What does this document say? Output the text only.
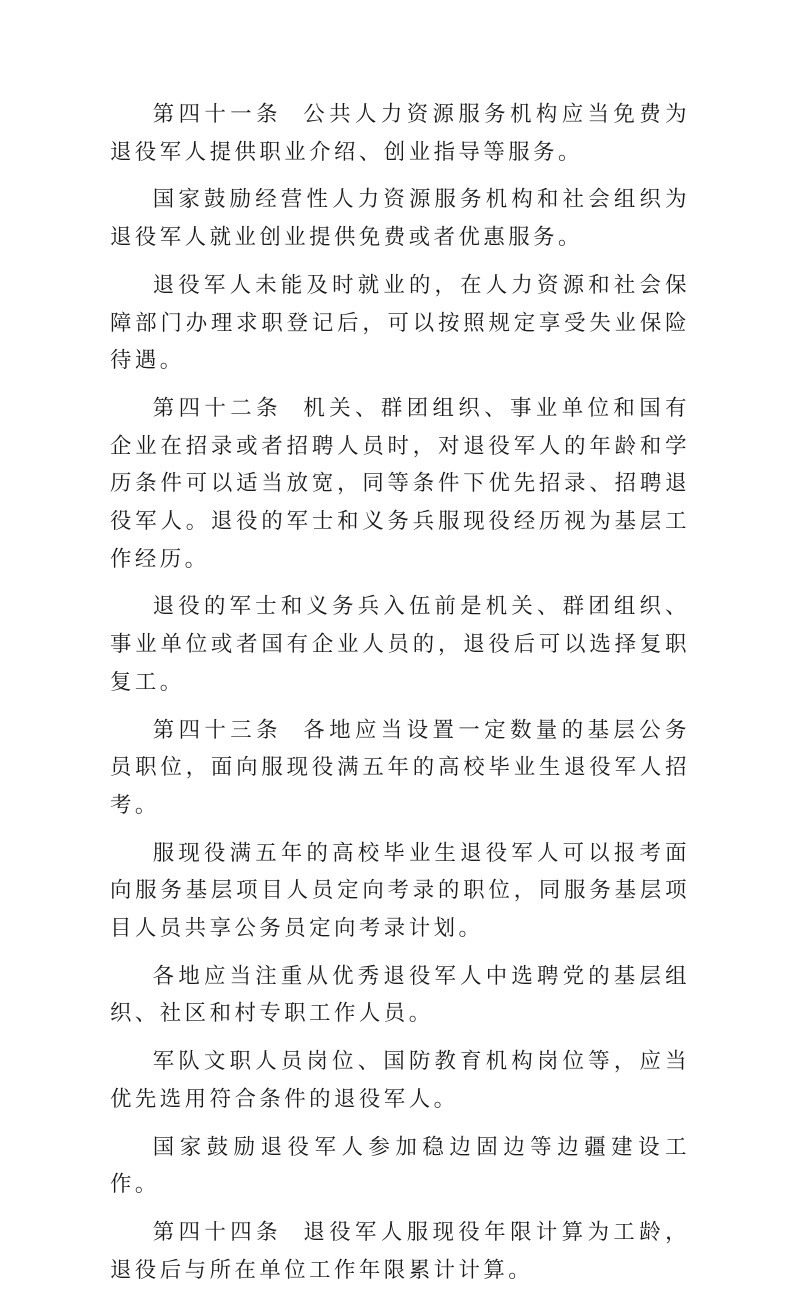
第四十一条 公共人力资源服务机构应当免费为退役军人提供职业介绍、创业指导等服务。

国家鼓励经营性人力资源服务机构和社会组织为退役军人就业创业提供免费或者优惠服务。

退役军人未能及时就业的，在人力资源和社会保障部门办理求职登记后，可以按照规定享受失业保险待遇。

第四十二条 机关、群团组织、事业单位和国有企业在招录或者招聘人员时，对退役军人的年龄和学历条件可以适当放宽，同等条件下优先招录、招聘退役军人。退役的军士和义务兵服现役经历视为基层工作经历。

退役的军士和义务兵入伍前是机关、群团组织、事业单位或者国有企业人员的，退役后可以选择复职复工。

第四十三条 各地应当设置一定数量的基层公务员职位，面向服现役满五年的高校毕业生退役军人招考。

服现役满五年的高校毕业生退役军人可以报考面向服务基层项目人员定向考录的职位，同服务基层项目人员共享公务员定向考录计划。

各地应当注重从优秀退役军人中选聘党的基层组织、社区和村专职工作人员。

军队文职人员岗位、国防教育机构岗位等，应当优先选用符合条件的退役军人。

国家鼓励退役军人参加稳边固边等边疆建设工作。

第四十四条 退役军人服现役年限计算为工龄，退役后与所在单位工作年限累计计算。
